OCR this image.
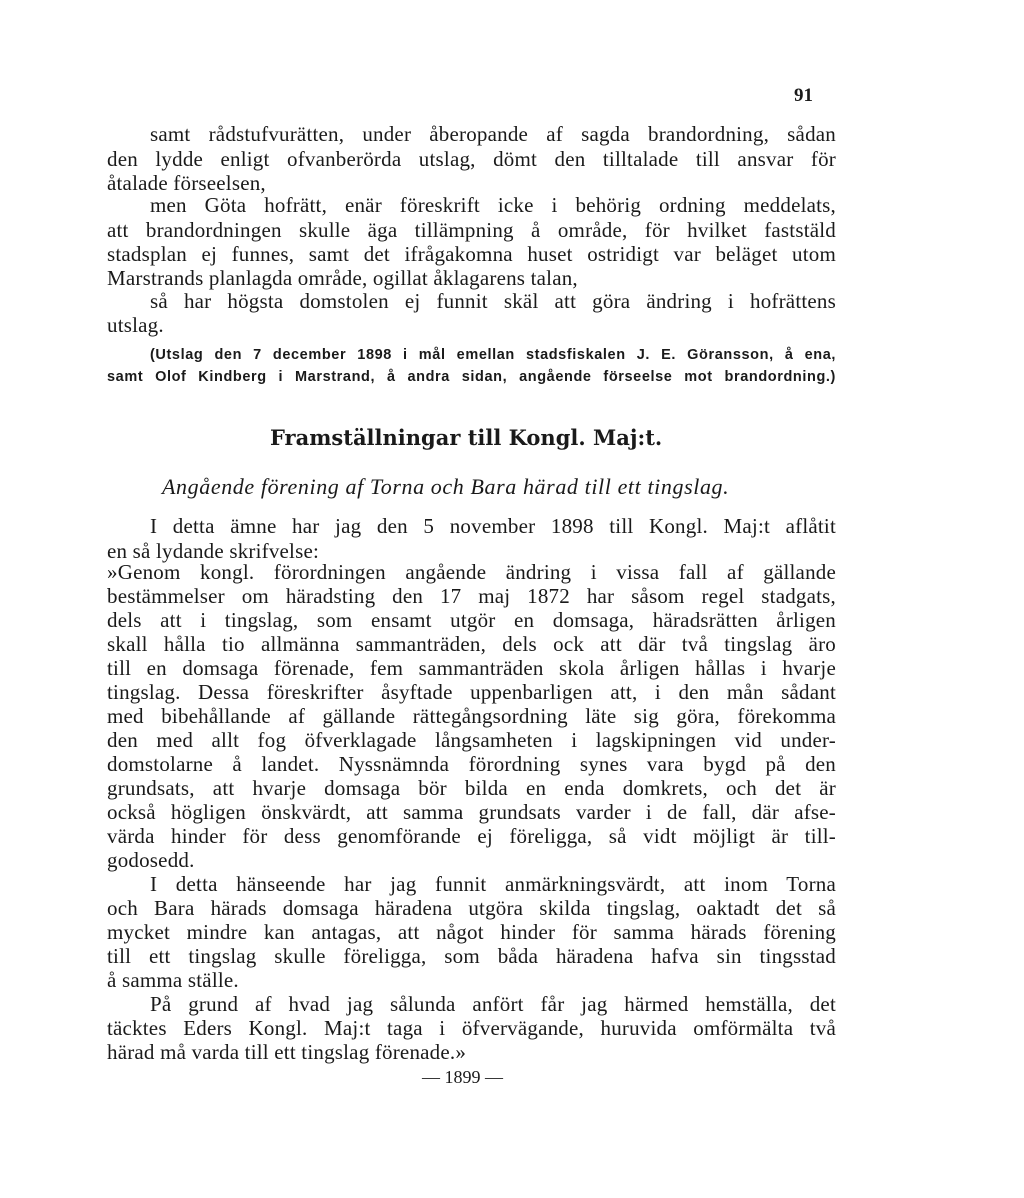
91
samt rådstufvurätten, under åberopande af sagda brandordning, sådan
den lydde enligt ofvanberörda utslag, dömt den tilltalade till ansvar för
åtalade förseelsen,
men Göta hofrätt, enär föreskrift icke i behörig ordning meddelats,
att brandordningen skulle äga tillämpning å område, för hvilket faststäld
stadsplan ej funnes, samt det ifrågakomna huset ostridigt var beläget utom
Marstrands planlagda område, ogillat åklagarens talan,
så har högsta domstolen ej funnit skäl att göra ändring i hofrättens
utslag.
(Utslag den 7 december 1898 i mål emellan stadsfiskalen J. E. Göransson, å ena,
samt Olof Kindberg i Marstrand, å andra sidan, angående förseelse mot brandordning.)
Framställningar till Kongl. Maj:t.
Angående förening af Torna och Bara härad till ett tingslag.
I detta ämne har jag den 5 november 1898 till Kongl. Maj:t aflåtit
en så lydande skrifvelse:
»Genom kongl. förordningen angående ändring i vissa fall af gällande
bestämmelser om häradsting den 17 maj 1872 har såsom regel stadgats,
dels att i tingslag, som ensamt utgör en domsaga, häradsrätten årligen
skall hålla tio allmänna sammanträden, dels ock att där två tingslag äro
till en domsaga förenade, fem sammanträden skola årligen hållas i hvarje
tingslag. Dessa föreskrifter åsyftade uppenbarligen att, i den mån sådant
med bibehållande af gällande rättegångsordning läte sig göra, förekomma
den med allt fog öfverklagade långsamheten i lagskipningen vid under-
domstolarne å landet. Nyssnämnda förordning synes vara bygd på den
grundsats, att hvarje domsaga bör bilda en enda domkrets, och det är
också högligen önskvärdt, att samma grundsats varder i de fall, där afse-
värda hinder för dess genomförande ej föreligga, så vidt möjligt är till-
godosedd.
I detta hänseende har jag funnit anmärkningsvärdt, att inom Torna
och Bara härads domsaga häradena utgöra skilda tingslag, oaktadt det så
mycket mindre kan antagas, att något hinder för samma härads förening
till ett tingslag skulle föreligga, som båda häradena hafva sin tingsstad
å samma ställe.
På grund af hvad jag sålunda anfört får jag härmed hemställa, det
täcktes Eders Kongl. Maj:t taga i öfvervägande, huruvida omförmälta två
härad må varda till ett tingslag förenade.»
— 1899 —
